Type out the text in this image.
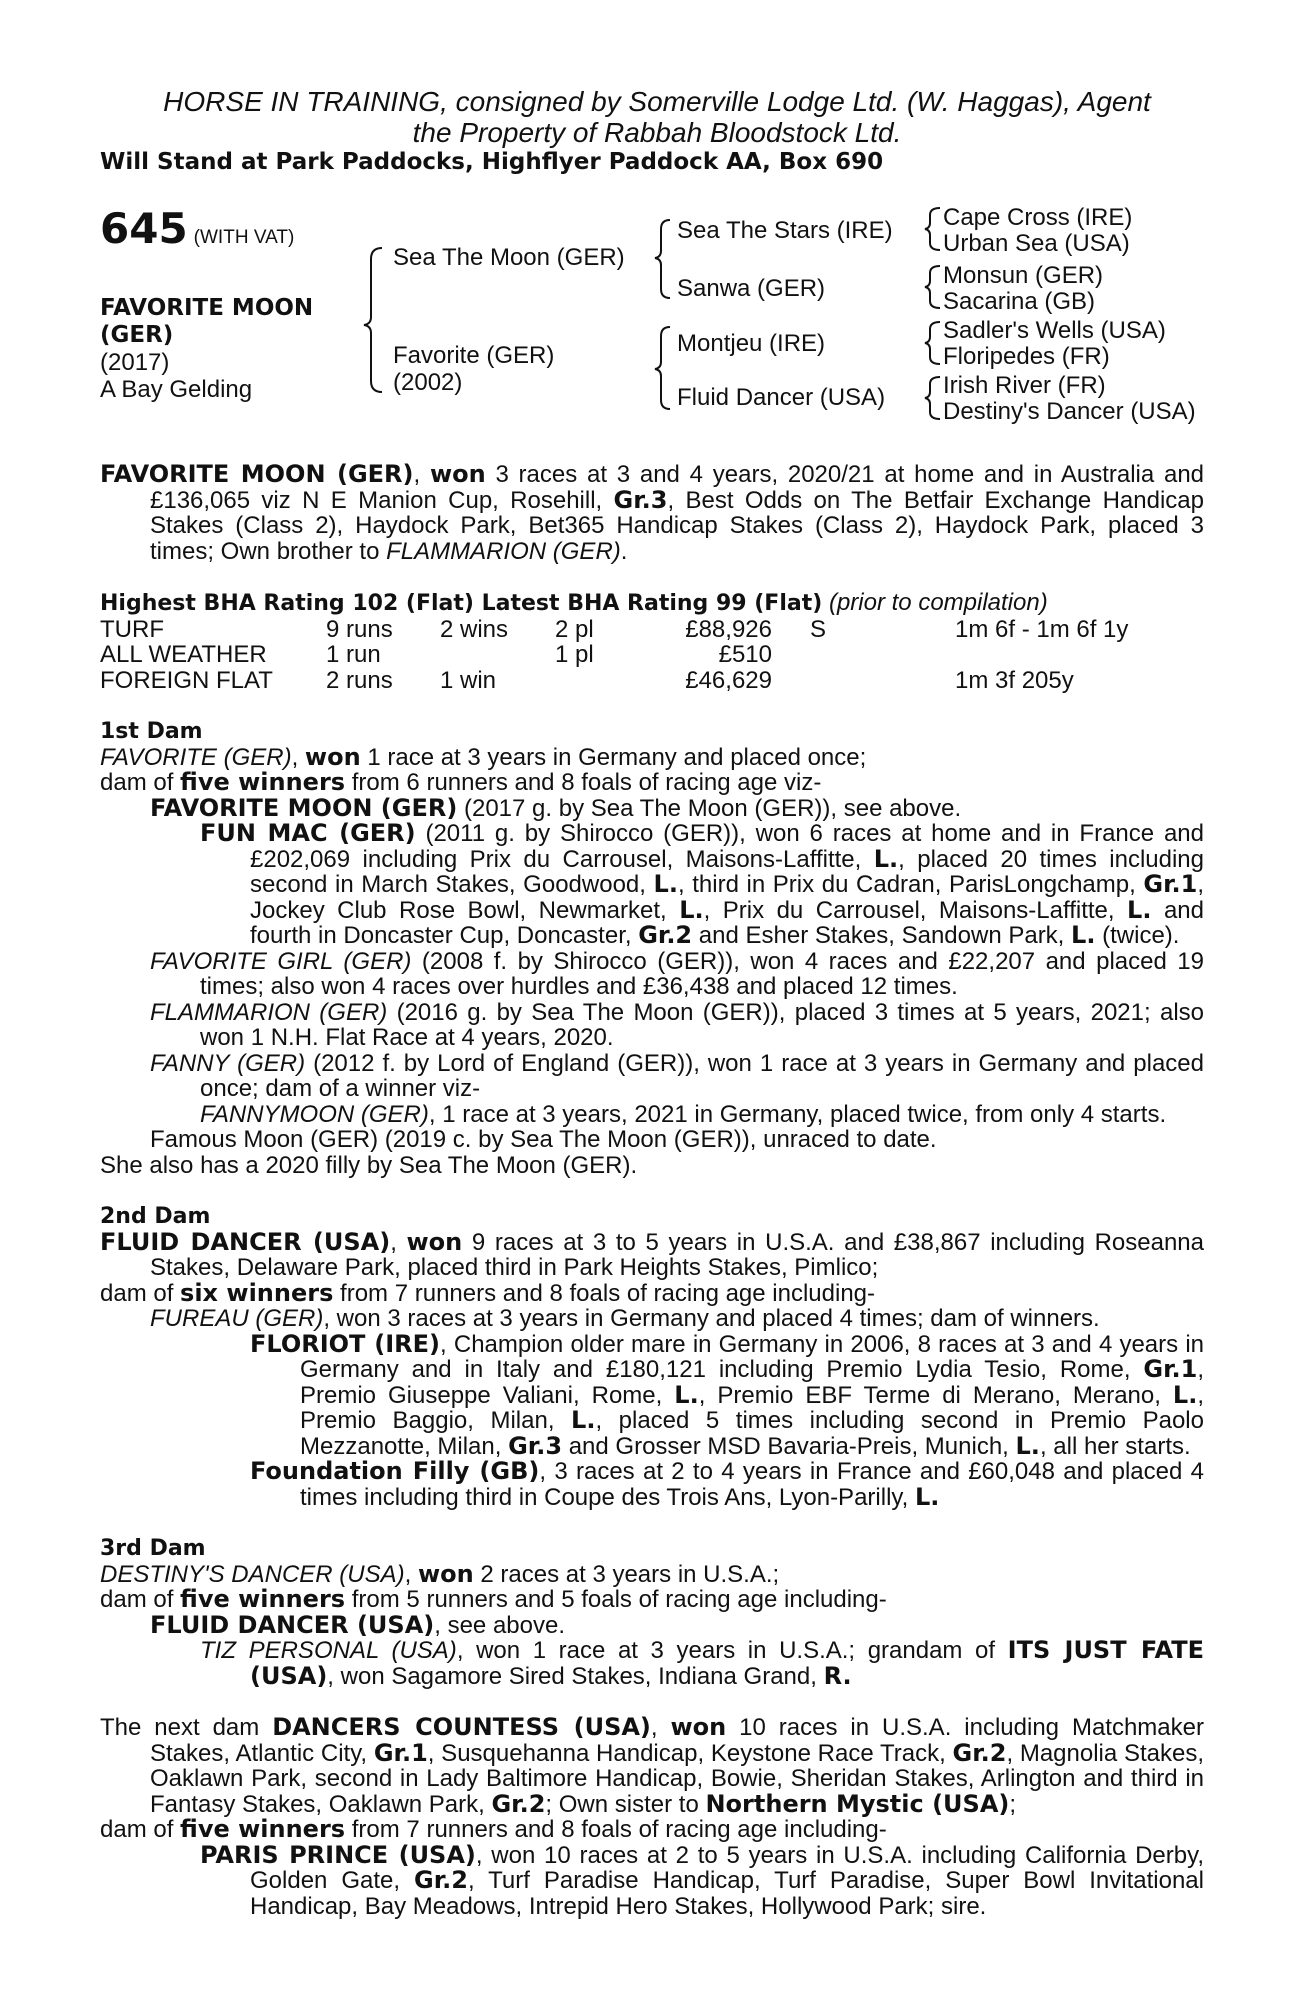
HORSE IN TRAINING, consigned by Somerville Lodge Ltd. (W. Haggas), Agent
the Property of Rabbah Bloodstock Ltd.
Will Stand at Park Paddocks, Highflyer Paddock AA, Box 690
645 (WITH VAT)
FAVORITE MOON
(GER)
(2017)
A Bay Gelding
Sea The Moon (GER)
Favorite (GER)
(2002)
Sea The Stars (IRE)
Sanwa (GER)
Montjeu (IRE)
Fluid Dancer (USA)
Cape Cross (IRE)
Urban Sea (USA)
Monsun (GER)
Sacarina (GB)
Sadler's Wells (USA)
Floripedes (FR)
Irish River (FR)
Destiny's Dancer (USA)

FAVORITE MOON (GER), won 3 races at 3 and 4 years, 2020/21 at home and in Australia and £136,065 viz N E Manion Cup, Rosehill, Gr.3, Best Odds on The Betfair Exchange Handicap Stakes (Class 2), Haydock Park, Bet365 Handicap Stakes (Class 2), Haydock Park, placed 3 times; Own brother to FLAMMARION (GER).

Highest BHA Rating 102 (Flat) Latest BHA Rating 99 (Flat) (prior to compilation)

TURF	9 runs	2 wins	2 pl	£88,926	S	1m 6f - 1m 6f 1y
ALL WEATHER	1 run		1 pl	£510		
FOREIGN FLAT	2 runs	1 win		£46,629		1m 3f 205y

1st Dam

FAVORITE (GER), won 1 race at 3 years in Germany and placed once;

dam of five winners from 6 runners and 8 foals of racing age viz-

FAVORITE MOON (GER) (2017 g. by Sea The Moon (GER)), see above.

FUN MAC (GER) (2011 g. by Shirocco (GER)), won 6 races at home and in France and £202,069 including Prix du Carrousel, Maisons-Laffitte, L., placed 20 times including second in March Stakes, Goodwood, L., third in Prix du Cadran, ParisLongchamp, Gr.1, Jockey Club Rose Bowl, Newmarket, L., Prix du Carrousel, Maisons-Laffitte, L. and fourth in Doncaster Cup, Doncaster, Gr.2 and Esher Stakes, Sandown Park, L. (twice).

FAVORITE GIRL (GER) (2008 f. by Shirocco (GER)), won 4 races and £22,207 and placed 19 times; also won 4 races over hurdles and £36,438 and placed 12 times.

FLAMMARION (GER) (2016 g. by Sea The Moon (GER)), placed 3 times at 5 years, 2021; also won 1 N.H. Flat Race at 4 years, 2020.

FANNY (GER) (2012 f. by Lord of England (GER)), won 1 race at 3 years in Germany and placed once; dam of a winner viz-

FANNYMOON (GER), 1 race at 3 years, 2021 in Germany, placed twice, from only 4 starts.

Famous Moon (GER) (2019 c. by Sea The Moon (GER)), unraced to date.

She also has a 2020 filly by Sea The Moon (GER).

2nd Dam

FLUID DANCER (USA), won 9 races at 3 to 5 years in U.S.A. and £38,867 including Roseanna Stakes, Delaware Park, placed third in Park Heights Stakes, Pimlico;

dam of six winners from 7 runners and 8 foals of racing age including-

FUREAU (GER), won 3 races at 3 years in Germany and placed 4 times; dam of winners.

FLORIOT (IRE), Champion older mare in Germany in 2006, 8 races at 3 and 4 years in Germany and in Italy and £180,121 including Premio Lydia Tesio, Rome, Gr.1, Premio Giuseppe Valiani, Rome, L., Premio EBF Terme di Merano, Merano, L., Premio Baggio, Milan, L., placed 5 times including second in Premio Paolo Mezzanotte, Milan, Gr.3 and Grosser MSD Bavaria-Preis, Munich, L., all her starts.

Foundation Filly (GB), 3 races at 2 to 4 years in France and £60,048 and placed 4 times including third in Coupe des Trois Ans, Lyon-Parilly, L.

3rd Dam

DESTINY'S DANCER (USA), won 2 races at 3 years in U.S.A.;

dam of five winners from 5 runners and 5 foals of racing age including-

FLUID DANCER (USA), see above.

TIZ PERSONAL (USA), won 1 race at 3 years in U.S.A.; grandam of ITS JUST FATE (USA), won Sagamore Sired Stakes, Indiana Grand, R.

The next dam DANCERS COUNTESS (USA), won 10 races in U.S.A. including Matchmaker Stakes, Atlantic City, Gr.1, Susquehanna Handicap, Keystone Race Track, Gr.2, Magnolia Stakes, Oaklawn Park, second in Lady Baltimore Handicap, Bowie, Sheridan Stakes, Arlington and third in Fantasy Stakes, Oaklawn Park, Gr.2; Own sister to Northern Mystic (USA);

dam of five winners from 7 runners and 8 foals of racing age including-

PARIS PRINCE (USA), won 10 races at 2 to 5 years in U.S.A. including California Derby, Golden Gate, Gr.2, Turf Paradise Handicap, Turf Paradise, Super Bowl Invitational Handicap, Bay Meadows, Intrepid Hero Stakes, Hollywood Park; sire.
